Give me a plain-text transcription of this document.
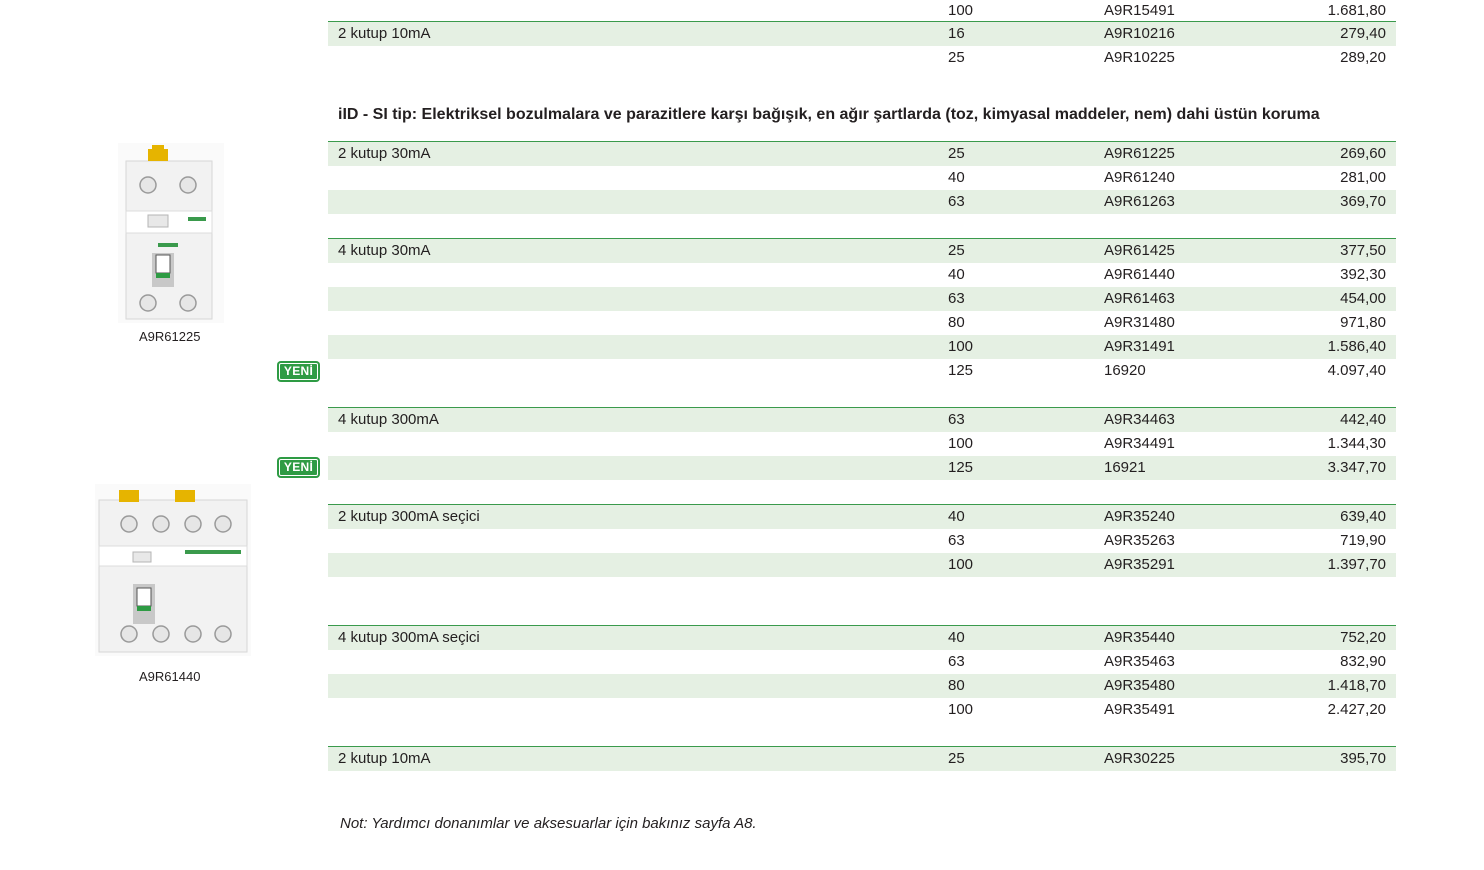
100	A9R15491	1.681,80
2 kutup 10mA	16	A9R10216	279,40
25	A9R10225	289,20
iID - SI tip: Elektriksel bozulmalara ve parazitlere karşı bağışık, en ağır şartlarda (toz, kimyasal maddeler, nem) dahi üstün koruma
2 kutup 30mA	25	A9R61225	269,60
40	A9R61240	281,00
63	A9R61263	369,70
4 kutup 30mA	25	A9R61425	377,50
40	A9R61440	392,30
63	A9R61463	454,00
80	A9R31480	971,80
100	A9R31491	1.586,40
125	16920	4.097,40
4 kutup 300mA	63	A9R34463	442,40
100	A9R34491	1.344,30
125	16921	3.347,70
2 kutup 300mA seçici	40	A9R35240	639,40
63	A9R35263	719,90
100	A9R35291	1.397,70
4 kutup 300mA seçici	40	A9R35440	752,20
63	A9R35463	832,90
80	A9R35480	1.418,70
100	A9R35491	2.427,20
2 kutup 10mA	25	A9R30225	395,70
A9R61225
A9R61440
YENİ
YENİ
Not: Yardımcı donanımlar ve aksesuarlar için bakınız sayfa A8.
